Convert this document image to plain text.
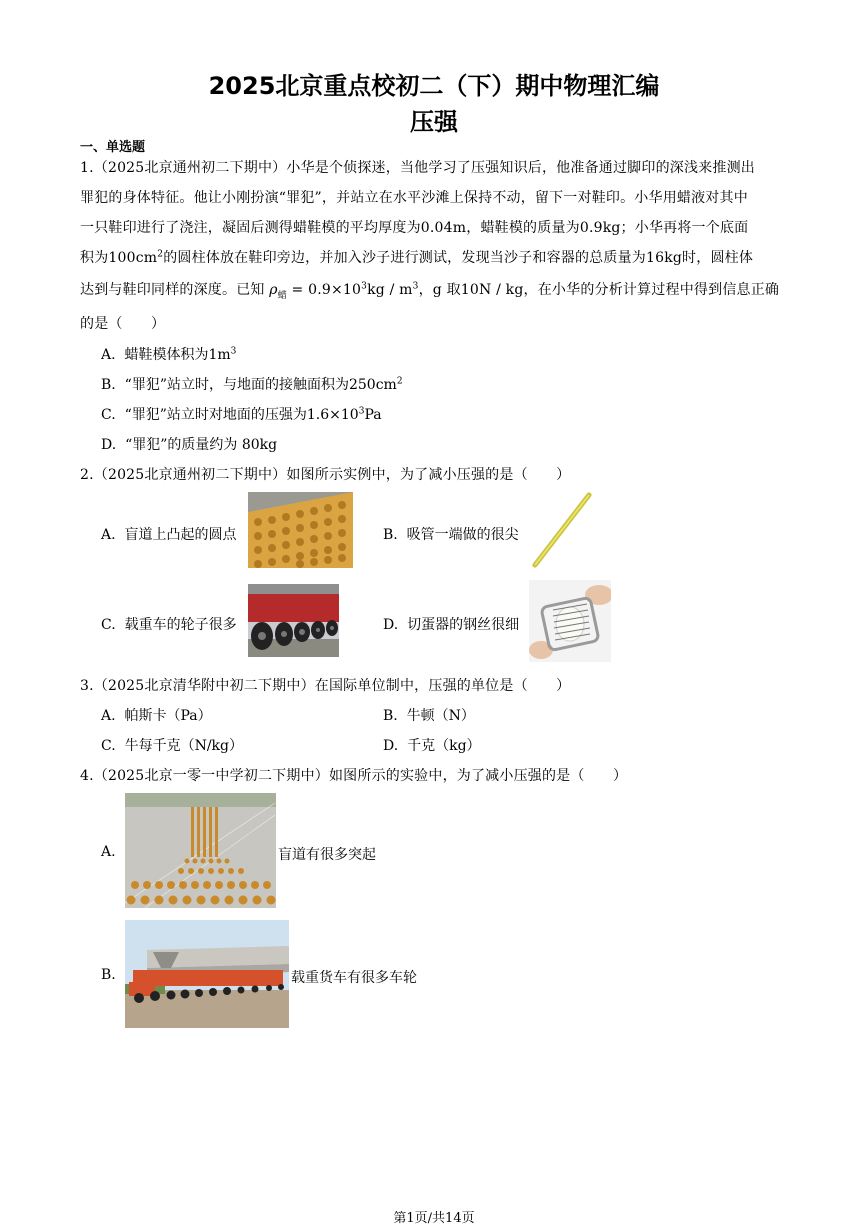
2025北京重点校初二（下）期中物理汇编
压强
一、单选题
1.（2025北京通州初二下期中）小华是个侦探迷，当他学习了压强知识后，他准备通过脚印的深浅来推测出
罪犯的身体特征。他让小刚扮演“罪犯”，并站立在水平沙滩上保持不动，留下一对鞋印。小华用蜡液对其中
一只鞋印进行了浇注，凝固后测得蜡鞋模的平均厚度为0.04m，蜡鞋模的质量为0.9kg；小华再将一个底面
积为$100cm^2$的圆柱体放在鞋印旁边，并加入沙子进行测试，发现当沙子和容器的总质量为16kg时，圆柱体
达到与鞋印同样的深度。已知 $\rho_蜡 = 0.9\times 10^3kg / m^3$，g 取10N / kg，在小华的分析计算过程中得到信息正确
的是（　　）
A. 蜡鞋模体积为$1m^3$
B. “罪犯”站立时，与地面的接触面积为$250cm^2$
C. “罪犯”站立时对地面的压强为$1.6\times 10^3Pa$
D. “罪犯”的质量约为 80kg
2.（2025北京通州初二下期中）如图所示实例中，为了减小压强的是（　　）
A. 盲道上凸起的圆点	B. 吸管一端做的很尖
C. 载重车的轮子很多	D. 切蛋器的钢丝很细
3.（2025北京清华附中初二下期中）在国际单位制中，压强的单位是（　　）
A. 帕斯卡（Pa）	B. 牛顿（N）
C. 牛每千克（N/kg）	D. 千克（kg）
4.（2025北京一零一中学初二下期中）如图所示的实验中，为了减小压强的是（　　）
A.	盲道有很多突起
B.	载重货车有很多车轮
第1页/共14页
